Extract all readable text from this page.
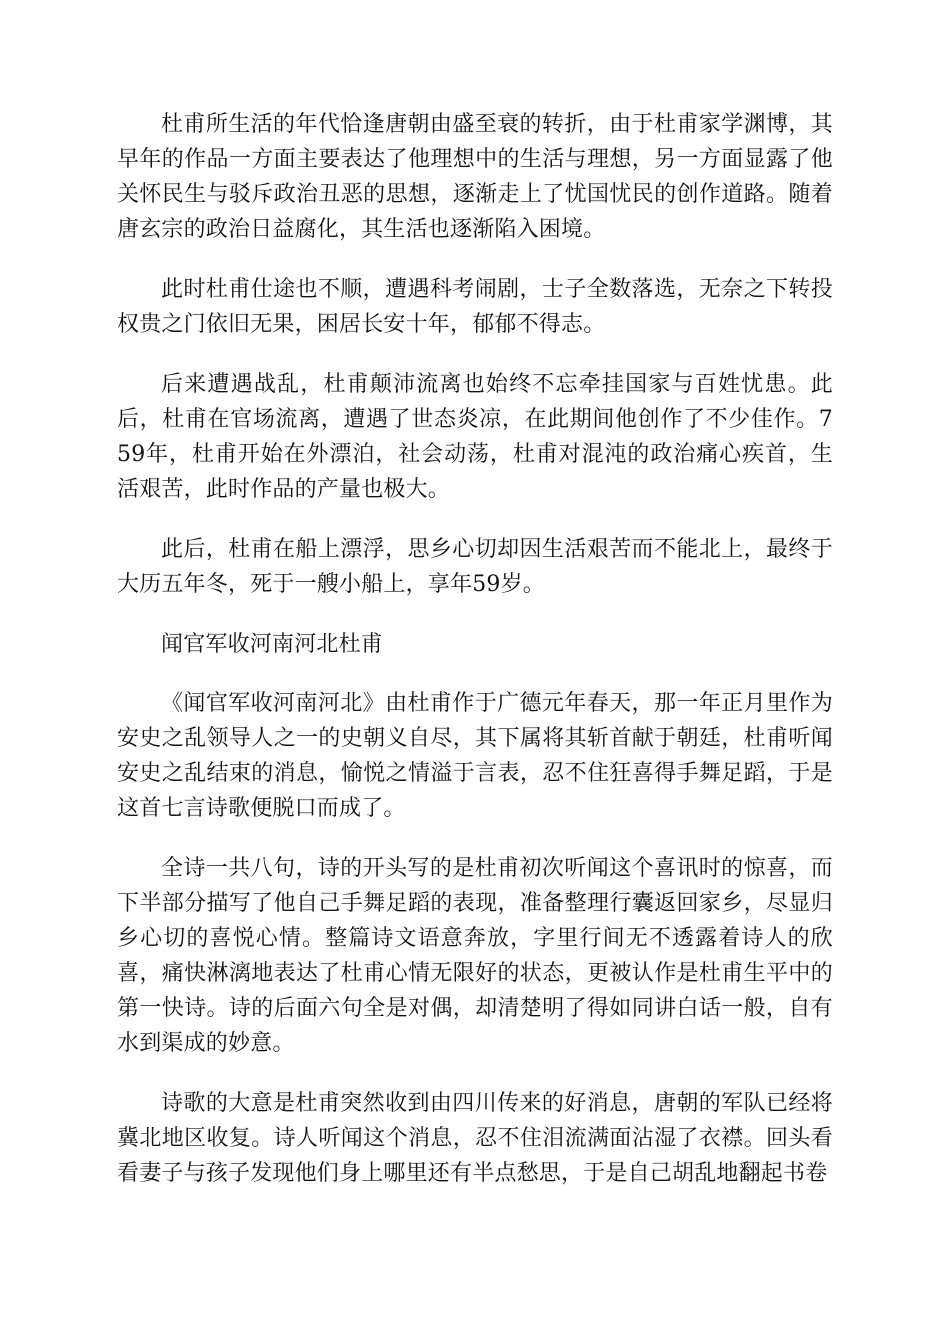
杜甫所生活的年代恰逢唐朝由盛至衰的转折，由于杜甫家学渊博，其早年的作品一方面主要表达了他理想中的生活与理想，另一方面显露了他关怀民生与驳斥政治丑恶的思想，逐渐走上了忧国忧民的创作道路。随着唐玄宗的政治日益腐化，其生活也逐渐陷入困境。

此时杜甫仕途也不顺，遭遇科考闹剧，士子全数落选，无奈之下转投权贵之门依旧无果，困居长安十年，郁郁不得志。

后来遭遇战乱，杜甫颠沛流离也始终不忘牵挂国家与百姓忧患。此后，杜甫在官场流离，遭遇了世态炎凉，在此期间他创作了不少佳作。759年，杜甫开始在外漂泊，社会动荡，杜甫对混沌的政治痛心疾首，生活艰苦，此时作品的产量也极大。

此后，杜甫在船上漂浮，思乡心切却因生活艰苦而不能北上，最终于大历五年冬，死于一艘小船上，享年59岁。

闻官军收河南河北杜甫

《闻官军收河南河北》由杜甫作于广德元年春天，那一年正月里作为安史之乱领导人之一的史朝义自尽，其下属将其斩首献于朝廷，杜甫听闻安史之乱结束的消息，愉悦之情溢于言表，忍不住狂喜得手舞足蹈，于是这首七言诗歌便脱口而成了。

全诗一共八句，诗的开头写的是杜甫初次听闻这个喜讯时的惊喜，而下半部分描写了他自己手舞足蹈的表现，准备整理行囊返回家乡，尽显归乡心切的喜悦心情。整篇诗文语意奔放，字里行间无不透露着诗人的欣喜，痛快淋漓地表达了杜甫心情无限好的状态，更被认作是杜甫生平中的第一快诗。诗的后面六句全是对偶，却清楚明了得如同讲白话一般，自有水到渠成的妙意。

诗歌的大意是杜甫突然收到由四川传来的好消息，唐朝的军队已经将冀北地区收复。诗人听闻这个消息，忍不住泪流满面沾湿了衣襟。回头看看妻子与孩子发现他们身上哪里还有半点愁思，于是自己胡乱地翻起书卷
